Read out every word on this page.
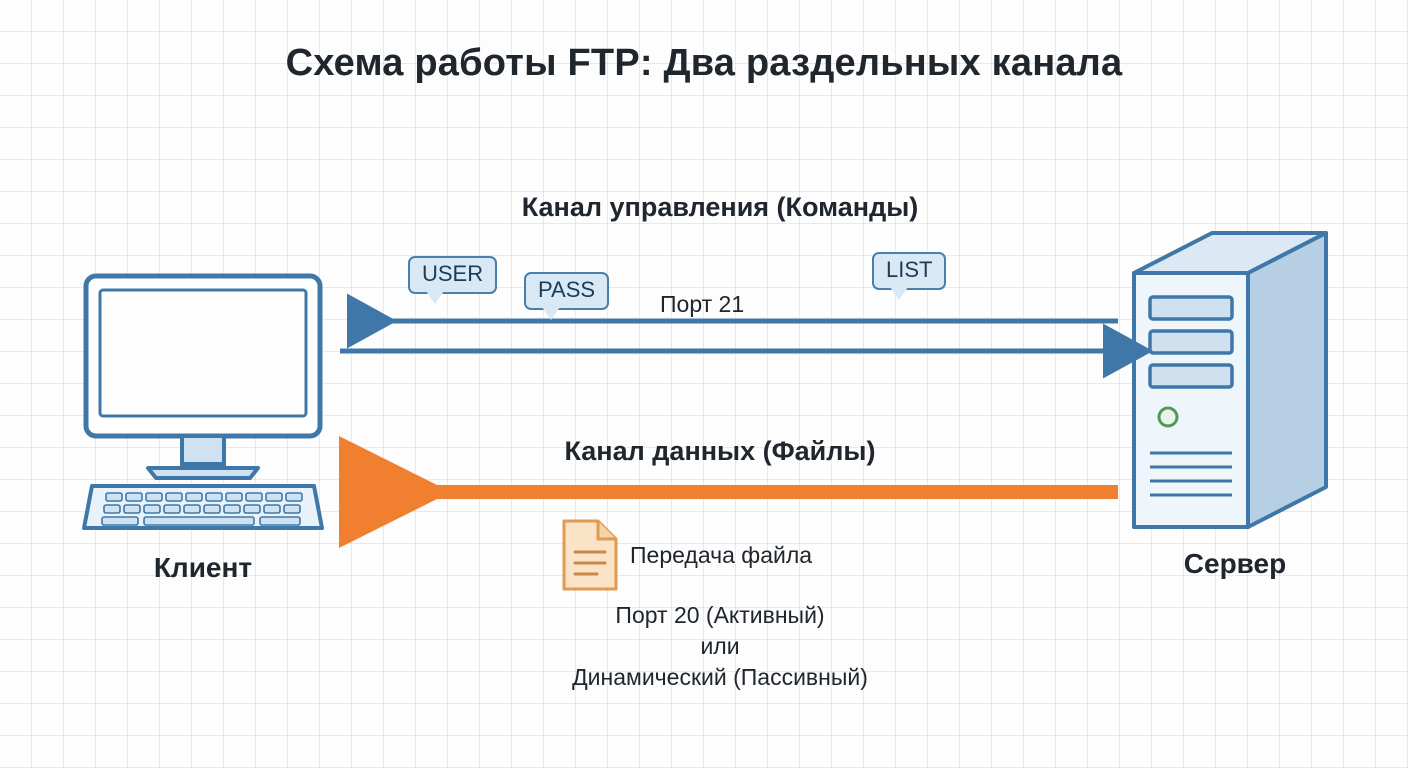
Схема работы FTP: Два раздельных канала
Клиент	Сервер
Канал управления (Команды)
Канал данных (Файлы)
USER
PASS
LIST
Порт 21
Передача файла
Порт 20 (Активный)
или
Динамический (Пассивный)
